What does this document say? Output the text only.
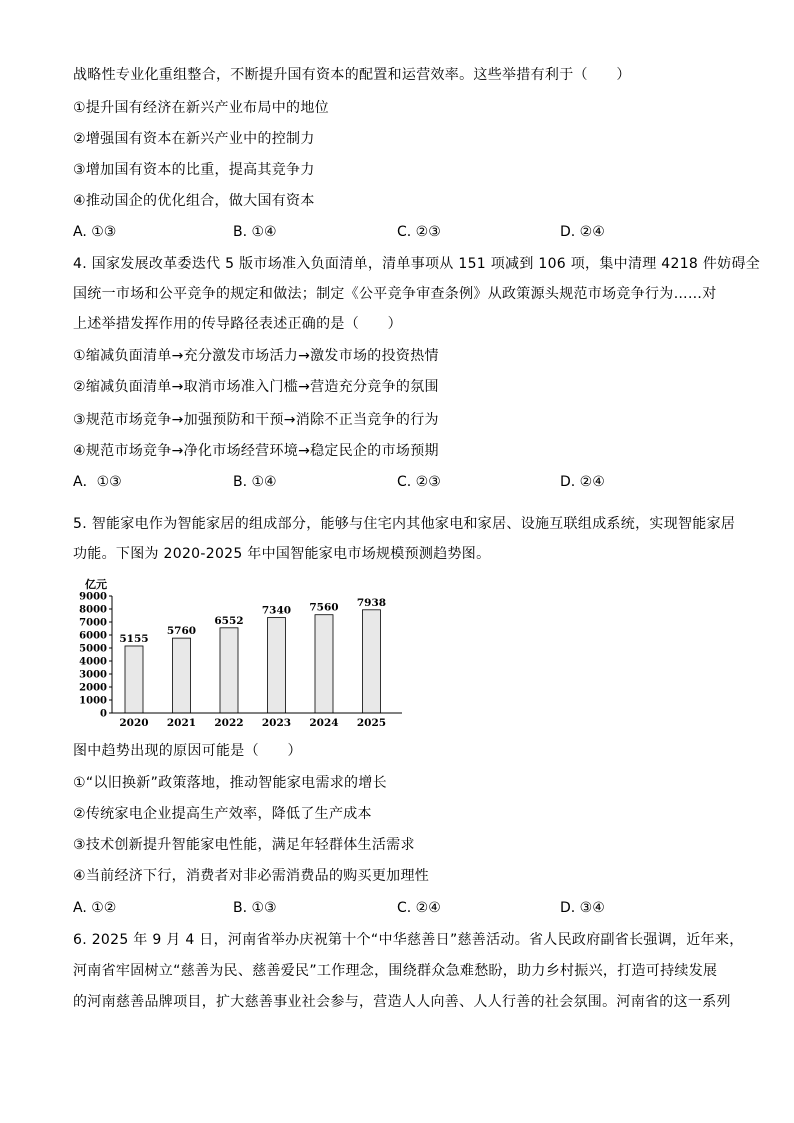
战略性专业化重组整合，不断提升国有资本的配置和运营效率。这些举措有利于（　　）
①提升国有经济在新兴产业布局中的地位
②增强国有资本在新兴产业中的控制力
③增加国有资本的比重，提高其竞争力
④推动国企的优化组合，做大国有资本
A. ①③	B. ①④	C. ②③	D. ②④
4. 国家发展改革委迭代 5 版市场准入负面清单，清单事项从 151 项减到 106 项，集中清理 4218 件妨碍全
国统一市场和公平竞争的规定和做法；制定《公平竞争审查条例》从政策源头规范市场竞争行为……对
上述举措发挥作用的传导路径表述正确的是（　　）
①缩减负面清单→充分激发市场活力→激发市场的投资热情
②缩减负面清单→取消市场准入门槛→营造充分竞争的氛围
③规范市场竞争→加强预防和干预→消除不正当竞争的行为
④规范市场竞争→净化市场经营环境→稳定民企的市场预期
A．①③	B. ①④	C. ②③	D. ②④
5. 智能家电作为智能家居的组成部分，能够与住宅内其他家电和家居、设施互联组成系统，实现智能家居
功能。下图为 2020-2025 年中国智能家电市场规模预测趋势图。
亿元
0
1000
2000
3000
4000
5000
6000
7000
8000
9000
5155
5760
6552
7340 7560 7938
2020 2021 2022 2023 2024 2025
图中趋势出现的原因可能是（　　）
①“以旧换新”政策落地，推动智能家电需求的增长
②传统家电企业提高生产效率，降低了生产成本
③技术创新提升智能家电性能，满足年轻群体生活需求
④当前经济下行，消费者对非必需消费品的购买更加理性
A. ①②	B. ①③	C. ②④	D. ③④
6. 2025 年 9 月 4 日，河南省举办庆祝第十个“中华慈善日”慈善活动。省人民政府副省长强调，近年来，
河南省牢固树立“慈善为民、慈善爱民”工作理念，围绕群众急难愁盼，助力乡村振兴，打造可持续发展
的河南慈善品牌项目，扩大慈善事业社会参与，营造人人向善、人人行善的社会氛围。河南省的这一系列
